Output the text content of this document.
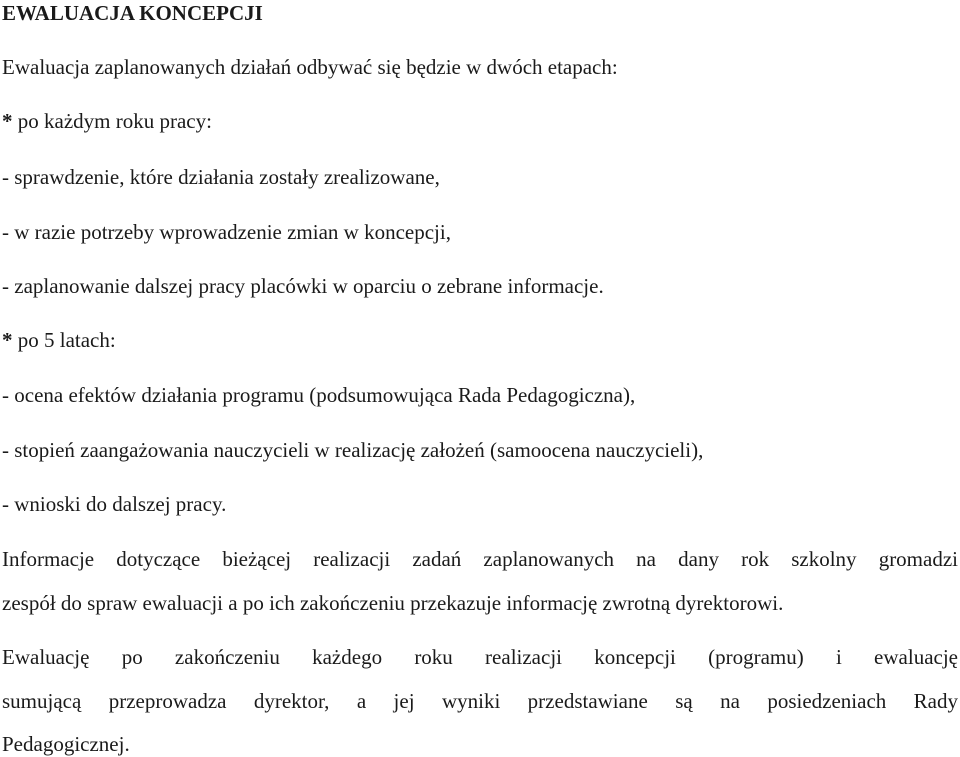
EWALUACJA KONCEPCJI
Ewaluacja zaplanowanych działań odbywać się będzie w dwóch etapach:
* po każdym roku pracy:
- sprawdzenie, które działania zostały zrealizowane,
- w razie potrzeby wprowadzenie zmian w koncepcji,
- zaplanowanie dalszej pracy placówki w oparciu o zebrane informacje.
* po 5 latach:
- ocena efektów działania programu (podsumowująca Rada Pedagogiczna),
- stopień zaangażowania nauczycieli w realizację założeń (samoocena nauczycieli),
- wnioski do dalszej pracy.
Informacje dotyczące bieżącej realizacji zadań zaplanowanych na dany rok szkolny gromadzi
zespół do spraw ewaluacji a po ich zakończeniu przekazuje informację zwrotną dyrektorowi.
Ewaluację po zakończeniu każdego roku realizacji koncepcji (programu) i ewaluację
sumującą przeprowadza dyrektor, a jej wyniki przedstawiane są na posiedzeniach Rady
Pedagogicznej.
